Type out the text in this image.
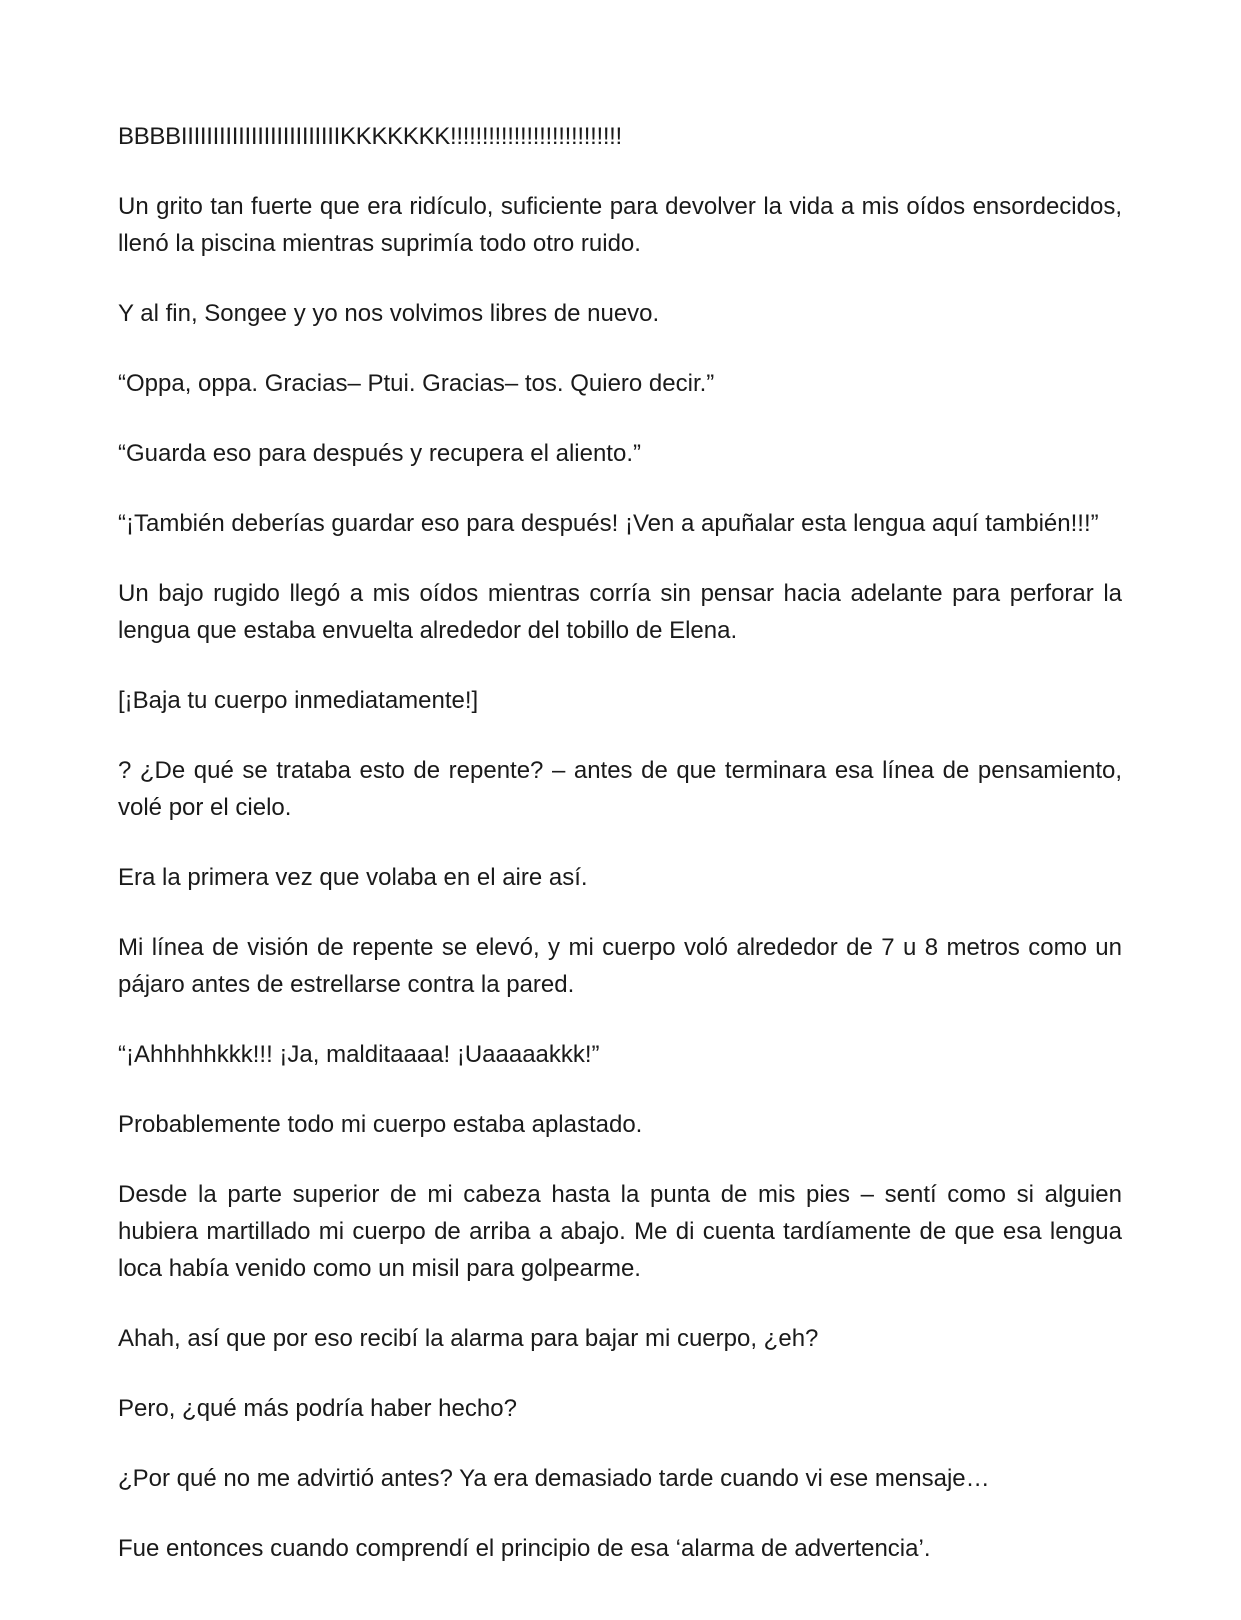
BBBBIIIIIIIIIIIIIIIIIIIIIIIIIKKKKKKK!!!!!!!!!!!!!!!!!!!!!!!!!!!

Un grito tan fuerte que era ridículo, suficiente para devolver la vida a mis oídos ensordecidos, llenó la piscina mientras suprimía todo otro ruido.

Y al fin, Songee y yo nos volvimos libres de nuevo.

“Oppa, oppa. Gracias– Ptui. Gracias– tos. Quiero decir.”

“Guarda eso para después y recupera el aliento.”

“¡También deberías guardar eso para después! ¡Ven a apuñalar esta lengua aquí también!!!”

Un bajo rugido llegó a mis oídos mientras corría sin pensar hacia adelante para perforar la lengua que estaba envuelta alrededor del tobillo de Elena.

[¡Baja tu cuerpo inmediatamente!]

? ¿De qué se trataba esto de repente? – antes de que terminara esa línea de pensamiento, volé por el cielo.

Era la primera vez que volaba en el aire así.

Mi línea de visión de repente se elevó, y mi cuerpo voló alrededor de 7 u 8 metros como un pájaro antes de estrellarse contra la pared.

“¡Ahhhhhkkk!!! ¡Ja, malditaaaa! ¡Uaaaaakkk!”

Probablemente todo mi cuerpo estaba aplastado.

Desde la parte superior de mi cabeza hasta la punta de mis pies – sentí como si alguien hubiera martillado mi cuerpo de arriba a abajo. Me di cuenta tardíamente de que esa lengua loca había venido como un misil para golpearme.

Ahah, así que por eso recibí la alarma para bajar mi cuerpo, ¿eh?

Pero, ¿qué más podría haber hecho?

¿Por qué no me advirtió antes? Ya era demasiado tarde cuando vi ese mensaje…

Fue entonces cuando comprendí el principio de esa ‘alarma de advertencia’.
